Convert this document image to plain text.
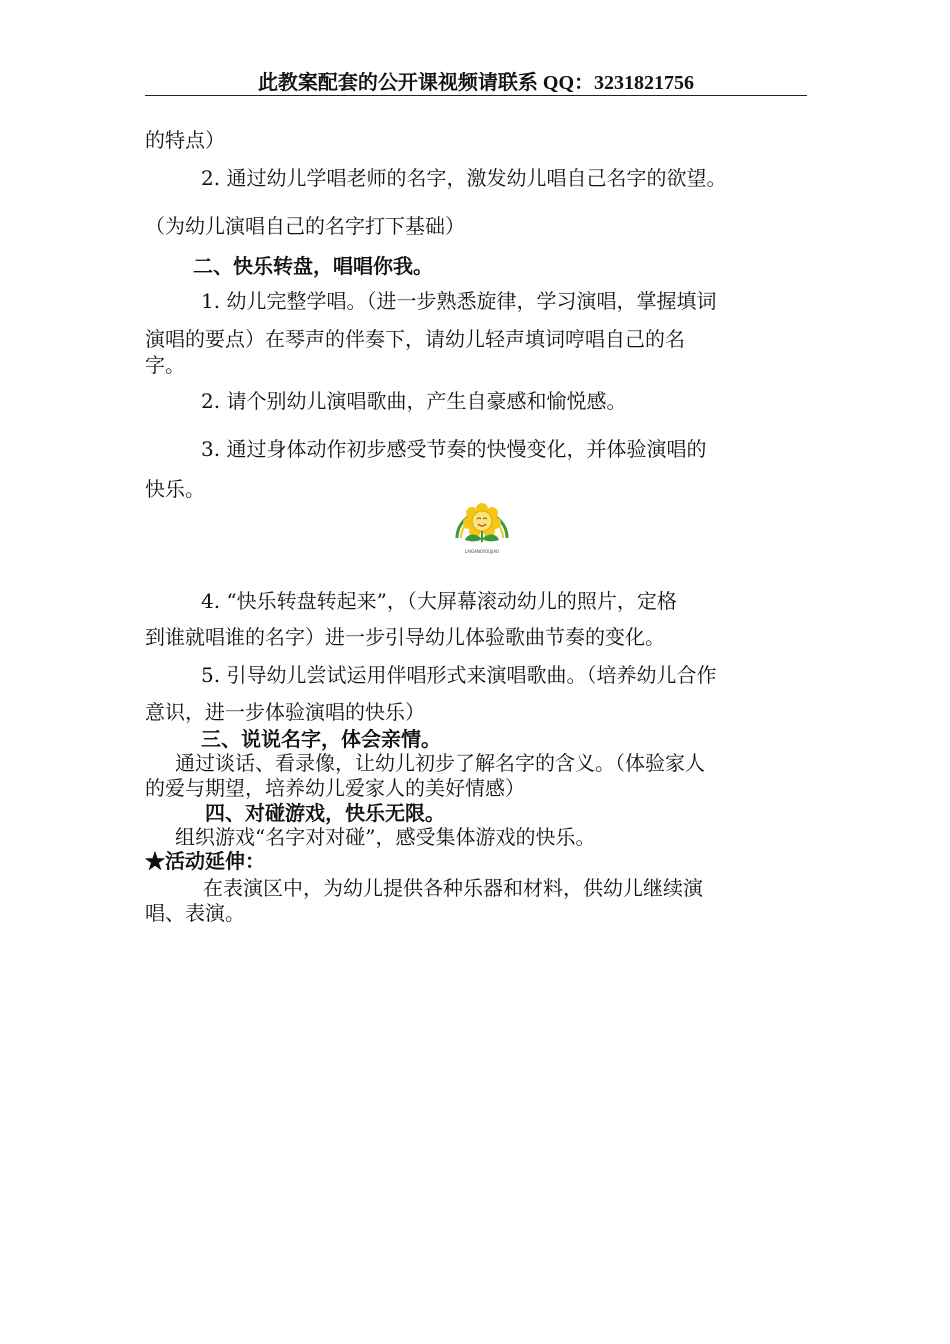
此教案配套的公开课视频请联系 QQ：3231821756
的特点）
2. 通过幼儿学唱老师的名字，激发幼儿唱自己名字的欲望。
（为幼儿演唱自己的名字打下基础）
二、快乐转盘，唱唱你我。
1. 幼儿完整学唱。（进一步熟悉旋律，学习演唱，掌握填词
演唱的要点）在琴声的伴奏下，请幼儿轻声填词哼唱自己的名
字。
2. 请个别幼儿演唱歌曲，产生自豪感和愉悦感。
3. 通过身体动作初步感受节奏的快慢变化，并体验演唱的
快乐。
LAIGANGYOUJIAO
4. “快乐转盘转起来”，（大屏幕滚动幼儿的照片，定格
到谁就唱谁的名字）进一步引导幼儿体验歌曲节奏的变化。
5. 引导幼儿尝试运用伴唱形式来演唱歌曲。（培养幼儿合作
意识，进一步体验演唱的快乐）
三、说说名字，体会亲情。
通过谈话、看录像，让幼儿初步了解名字的含义。（体验家人
的爱与期望，培养幼儿爱家人的美好情感）
四、对碰游戏，快乐无限。
组织游戏“名字对对碰”，感受集体游戏的快乐。
★活动延伸：
在表演区中，为幼儿提供各种乐器和材料，供幼儿继续演
唱、表演。
